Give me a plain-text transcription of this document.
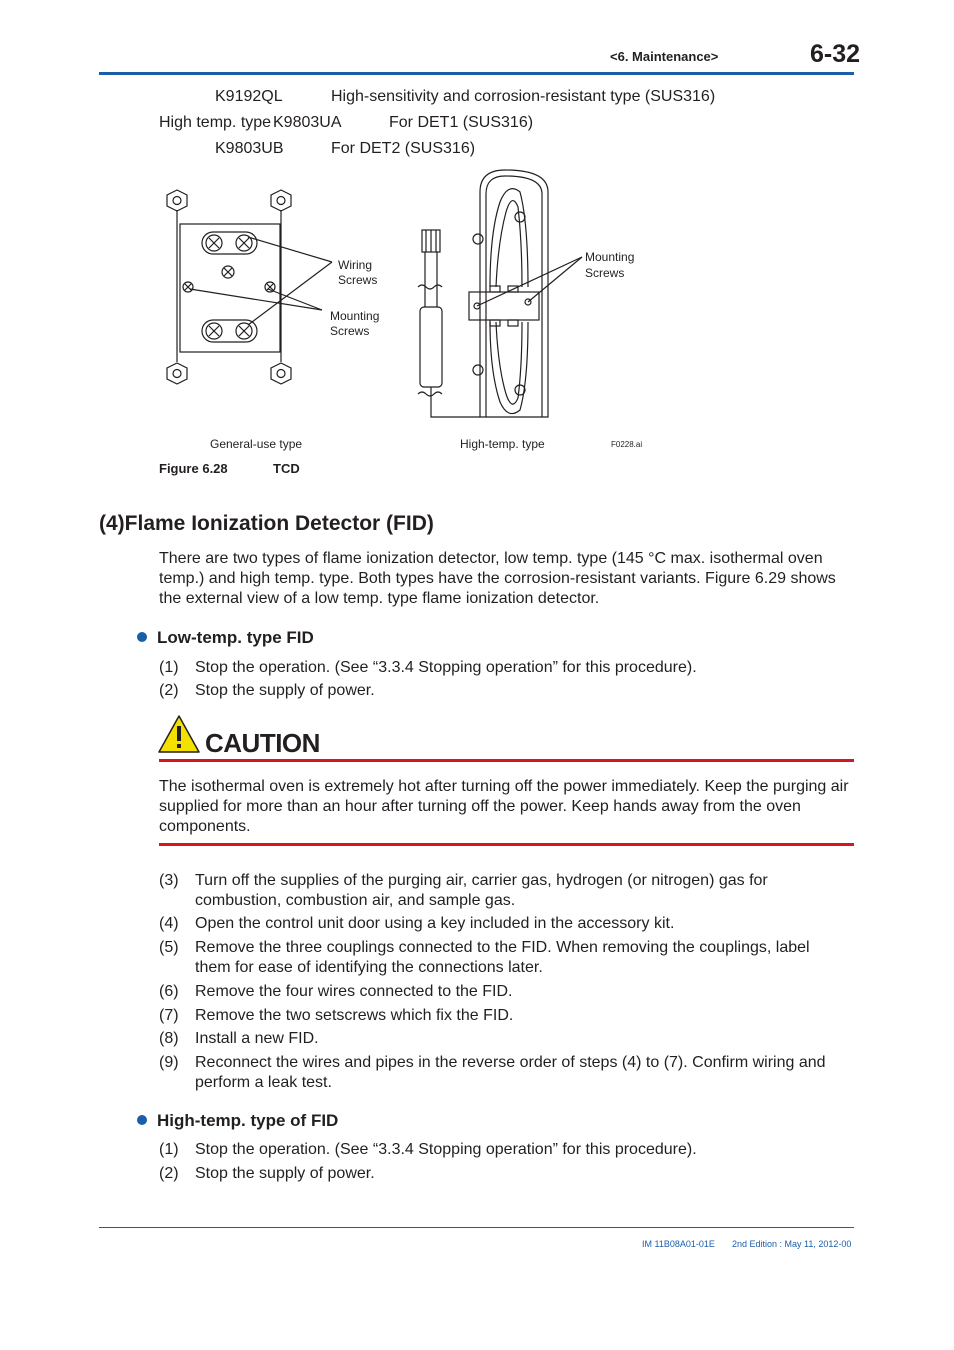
<6. Maintenance>	6-32
K9192QL	High-sensitivity and corrosion-resistant type (SUS316)
High temp. type K9803UA	For DET1 (SUS316)
K9803UB	For DET2 (SUS316)
Wiring
Screws
Mounting
Screws
Mounting
Screws
General-use type	High-temp. type	F0228.ai
Figure 6.28	TCD
(4)Flame Ionization Detector (FID)
There are two types of flame ionization detector, low temp. type (145 °C max. isothermal oven temp.) and high temp. type. Both types have the corrosion-resistant variants. Figure 6.29 shows the external view of a low temp. type flame ionization detector.
Low-temp. type FID
(1) Stop the operation. (See “3.3.4 Stopping operation” for this procedure).
(2) Stop the supply of power.
CAUTION
The isothermal oven is extremely hot after turning off the power immediately. Keep the purging air supplied for more than an hour after turning off the power. Keep hands away from the oven components.
(3) Turn off the supplies of the purging air, carrier gas, hydrogen (or nitrogen) gas for combustion, combustion air, and sample gas.
(4) Open the control unit door using a key included in the accessory kit.
(5) Remove the three couplings connected to the FID. When removing the couplings, label them for ease of identifying the connections later.
(6) Remove the four wires connected to the FID.
(7) Remove the two setscrews which fix the FID.
(8) Install a new FID.
(9) Reconnect the wires and pipes in the reverse order of steps (4) to (7). Confirm wiring and perform a leak test.
High-temp. type of FID
(1) Stop the operation. (See “3.3.4 Stopping operation” for this procedure).
(2) Stop the supply of power.
IM 11B08A01-01E 2nd Edition : May 11, 2012-00
